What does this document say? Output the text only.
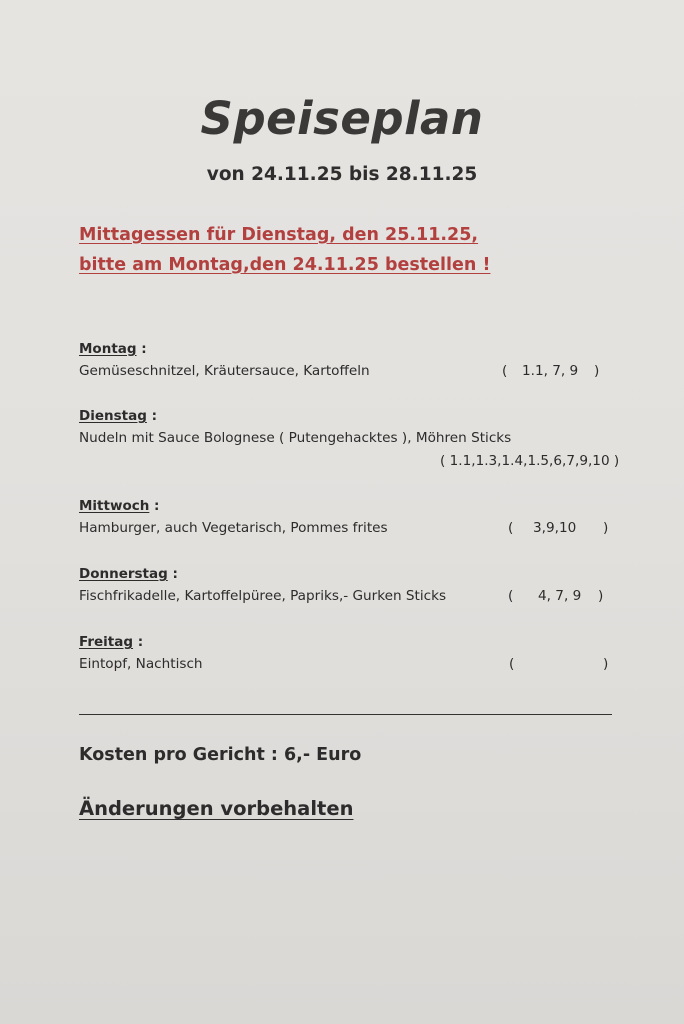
Speiseplan
von 24.11.25 bis 28.11.25
Mittagessen für Dienstag, den 25.11.25,
bitte am Montag,den 24.11.25 bestellen !
Montag :
Gemüseschnitzel, Kräutersauce, Kartoffeln	( 1.1, 7, 9 )
Dienstag :
Nudeln mit Sauce Bolognese ( Putengehacktes ), Möhren Sticks
( 1.1,1.3,1.4,1.5,6,7,9,10 )
Mittwoch :
Hamburger, auch Vegetarisch, Pommes frites	( 3,9,10 )
Donnerstag :
Fischfrikadelle, Kartoffelpüree, Papriks,- Gurken Sticks	( 4, 7, 9 )
Freitag :
Eintopf, Nachtisch	(	)
Kosten pro Gericht : 6,- Euro
Änderungen vorbehalten
